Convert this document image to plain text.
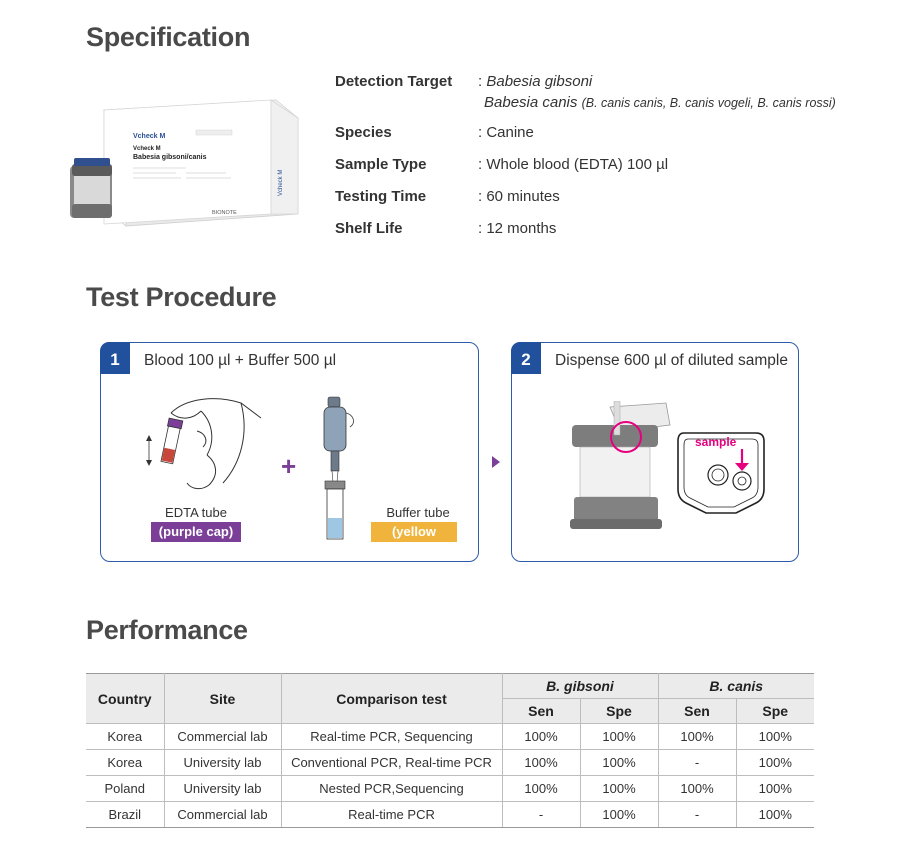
Specification
Vcheck M
Vcheck M
Babesia gibsoni/canis
BIONOTE
Vcheck M
Detection Target : Babesia gibsoni
Babesia canis (B. canis canis, B. canis vogeli, B. canis rossi)
Species	: Canine
Sample Type	: Whole blood (EDTA) 100 µl
Testing Time	: 60 minutes
Shelf Life	: 12 months
Test Procedure
1	Blood 100 µl + Buffer 500 µl
EDTA tube
(purple cap)
+
Buffer tube
(yellow cap)
2	Dispense 600 µl of diluted sample
sample
Performance
Country	Site	Comparison test	B. gibsoni		B. canis	
			Sen	Spe	Sen	Spe
Korea	Commercial lab	Real-time PCR, Sequencing	100%	100%	100%	100%
Korea	University lab	Conventional PCR, Real-time PCR	100%	100%	-	100%
Poland	University lab	Nested PCR,Sequencing	100%	100%	100%	100%
Brazil	Commercial lab	Real-time PCR	-	100%	-	100%
